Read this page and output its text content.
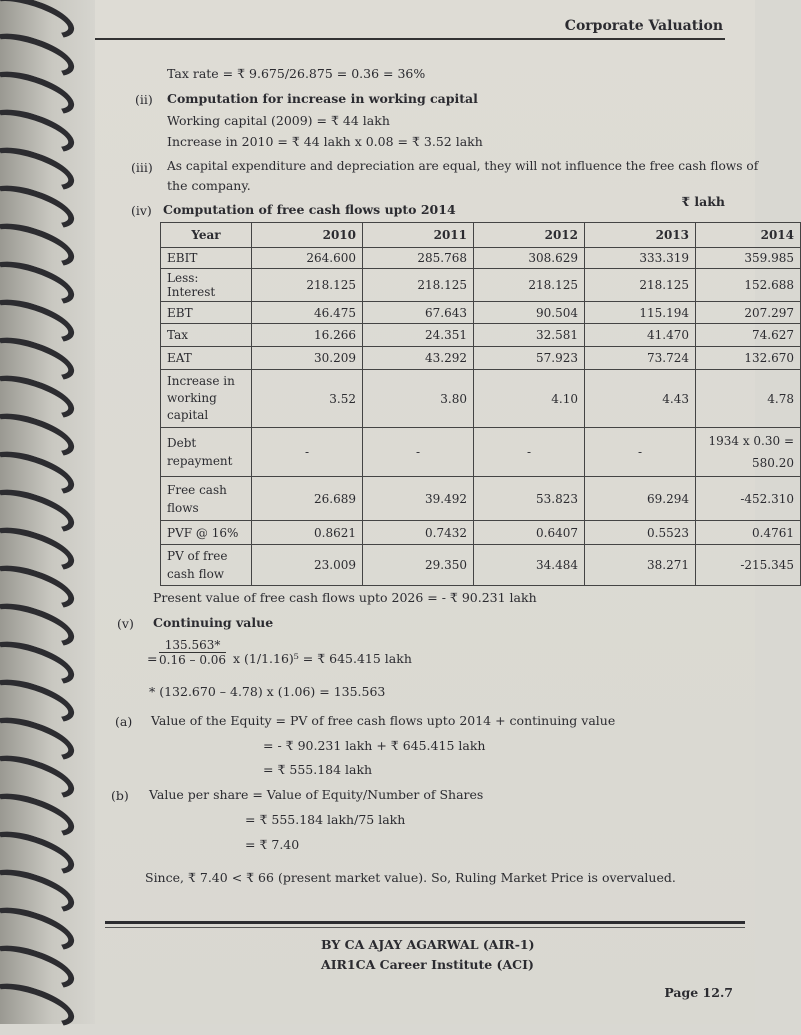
Corporate Valuation
Tax rate = ₹ 9.675/26.875 = 0.36 = 36%
(ii) Computation for increase in working capital
Working capital (2009) = ₹ 44 lakh
Increase in 2010 = ₹ 44 lakh x 0.08 = ₹ 3.52 lakh
(iii) As capital expenditure and depreciation are equal, they will not influence the free cash flows of
the company.
(iv) Computation of free cash flows upto 2014
₹ lakh
Year	2010	2011	2012	2013	2014
EBIT	264.600	285.768	308.629	333.319	359.985
Less: Interest	218.125	218.125	218.125	218.125	152.688
EBT	46.475	67.643	90.504	115.194	207.297
Tax	16.266	24.351	32.581	41.470	74.627
EAT	30.209	43.292	57.923	73.724	132.670
Increase in working capital	3.52	3.80	4.10	4.43	4.78
Debt repayment	-	-	-	-	1934 x 0.30 = 580.20
Free cash flows	26.689	39.492	53.823	69.294	-452.310
PVF @ 16%	0.8621	0.7432	0.6407	0.5523	0.4761
PV of free cash flow	23.009	29.350	34.484	38.271	-215.345
Present value of free cash flows upto 2026 = - ₹ 90.231 lakh
(v) Continuing value
= $\frac{135.563*}{0.16 - 0.06}$ x (1/1.16)⁵ = ₹ 645.415 lakh
* (132.670 – 4.78) x (1.06) = 135.563
(a) Value of the Equity = PV of free cash flows upto 2014 + continuing value
= - ₹ 90.231 lakh + ₹ 645.415 lakh
= ₹ 555.184 lakh
(b) Value per share = Value of Equity/Number of Shares
= ₹ 555.184 lakh/75 lakh
= ₹ 7.40
Since, ₹ 7.40 < ₹ 66 (present market value). So, Ruling Market Price is overvalued.
BY CA AJAY AGARWAL (AIR-1)
AIR1CA Career Institute (ACI)
Page 12.7
